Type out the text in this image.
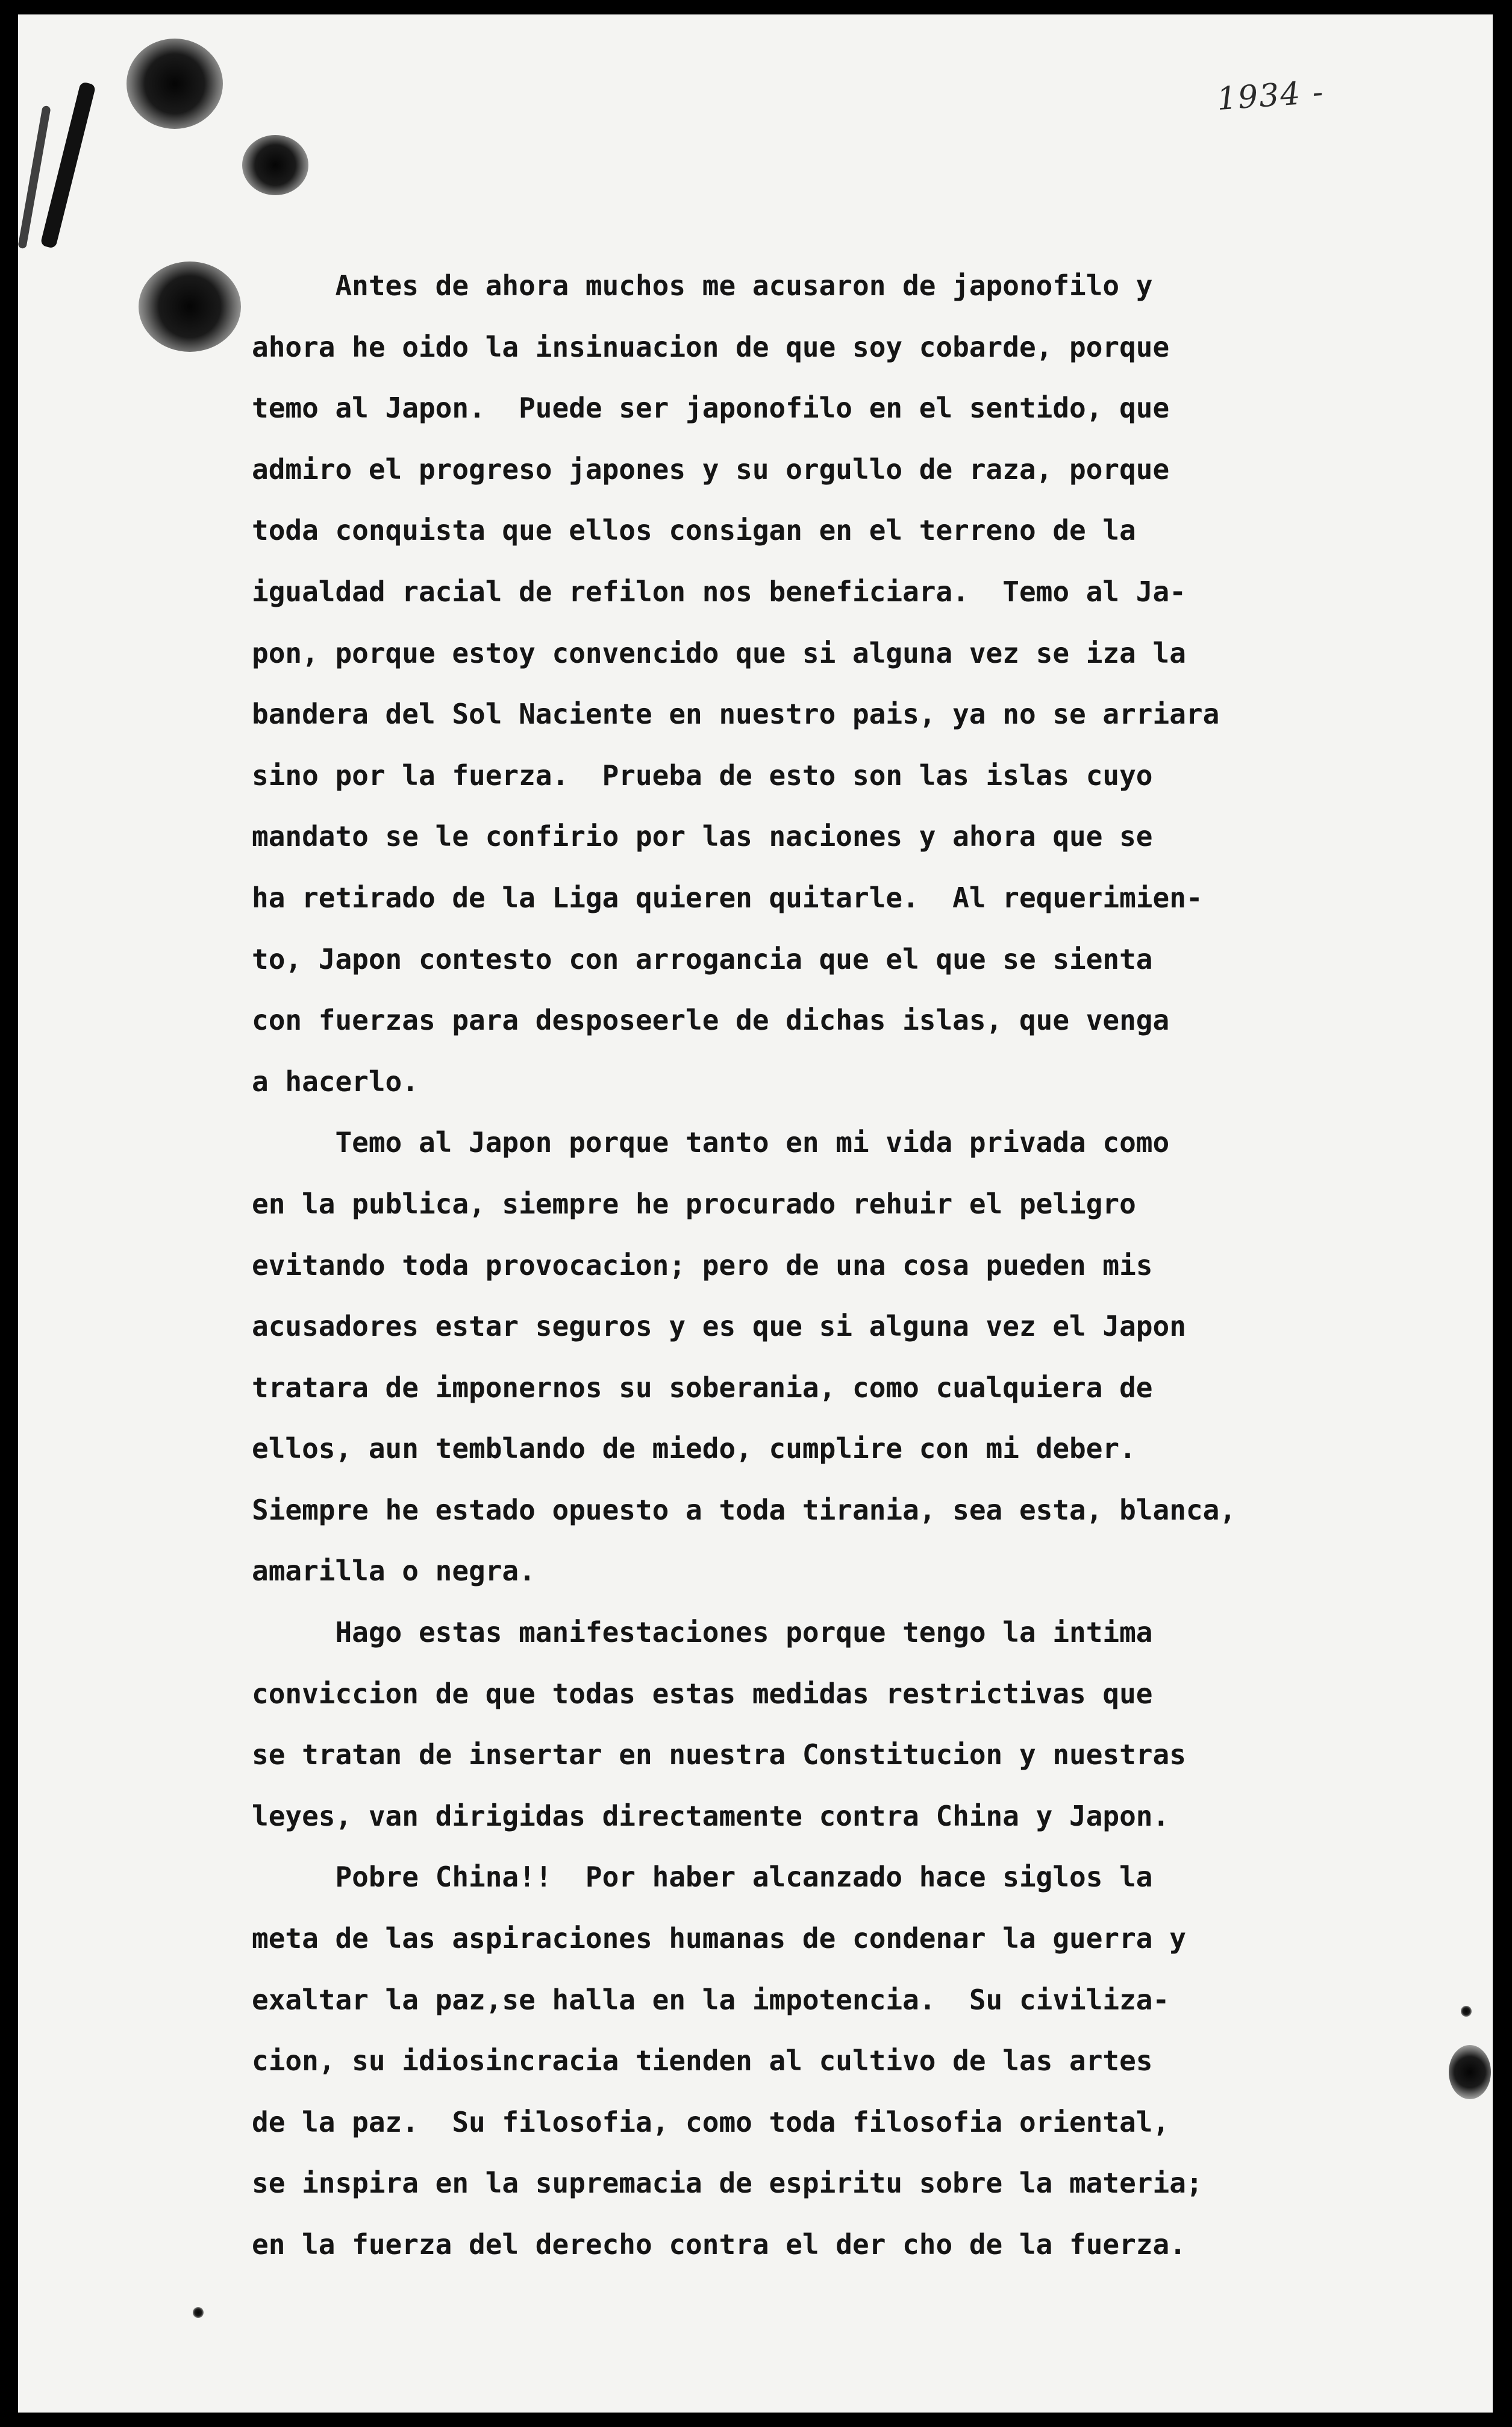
1934 -
Antes de ahora muchos me acusaron de japonofilo y
ahora he oido la insinuacion de que soy cobarde, porque
temo al Japon.  Puede ser japonofilo en el sentido, que
admiro el progreso japones y su orgullo de raza, porque
toda conquista que ellos consigan en el terreno de la
igualdad racial de refilon nos beneficiara.  Temo al Ja-
pon, porque estoy convencido que si alguna vez se iza la
bandera del Sol Naciente en nuestro pais, ya no se arriara
sino por la fuerza.  Prueba de esto son las islas cuyo
mandato se le confirio por las naciones y ahora que se
ha retirado de la Liga quieren quitarle.  Al requerimien-
to, Japon contesto con arrogancia que el que se sienta
con fuerzas para desposeerle de dichas islas, que venga
a hacerlo.
Temo al Japon porque tanto en mi vida privada como
en la publica, siempre he procurado rehuir el peligro
evitando toda provocacion; pero de una cosa pueden mis
acusadores estar seguros y es que si alguna vez el Japon
tratara de imponernos su soberania, como cualquiera de
ellos, aun temblando de miedo, cumplire con mi deber.
Siempre he estado opuesto a toda tirania, sea esta, blanca,
amarilla o negra.
Hago estas manifestaciones porque tengo la intima
conviccion de que todas estas medidas restrictivas que
se tratan de insertar en nuestra Constitucion y nuestras
leyes, van dirigidas directamente contra China y Japon.
Pobre China!!  Por haber alcanzado hace siglos la
meta de las aspiraciones humanas de condenar la guerra y
exaltar la paz,se halla en la impotencia.  Su civiliza-
cion, su idiosincracia tienden al cultivo de las artes
de la paz.  Su filosofia, como toda filosofia oriental,
se inspira en la supremacia de espiritu sobre la materia;
en la fuerza del derecho contra el der cho de la fuerza.
